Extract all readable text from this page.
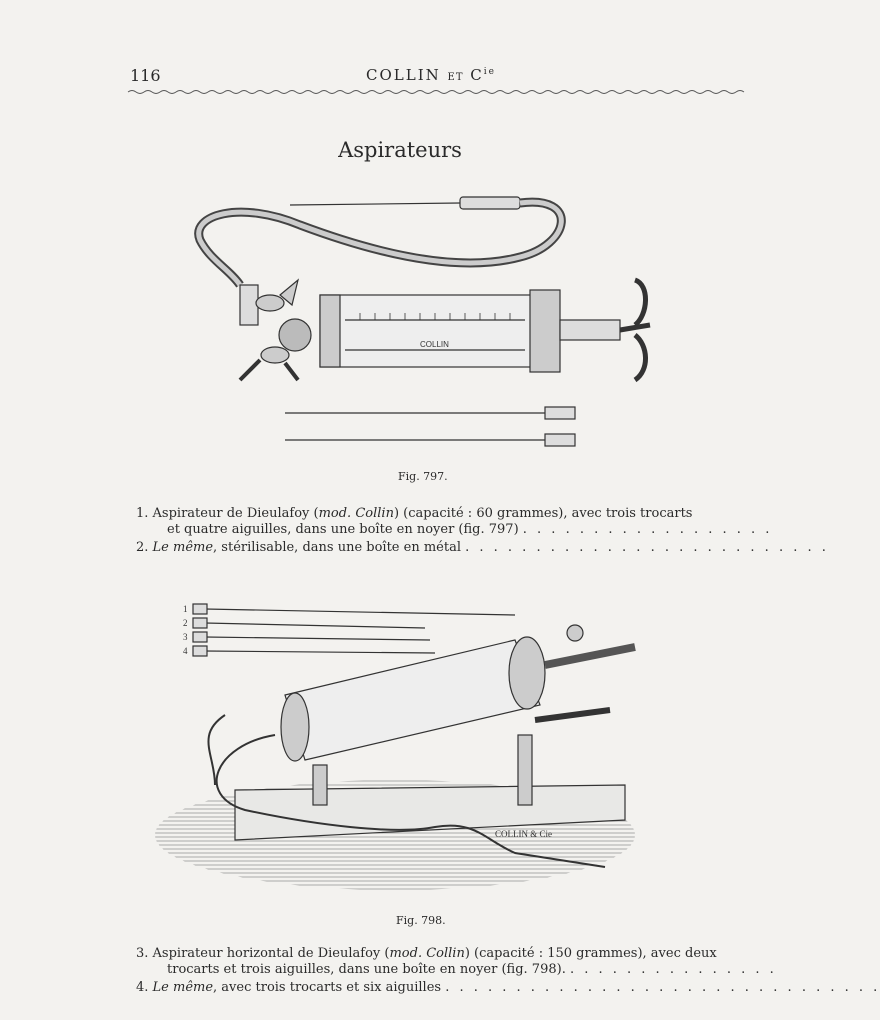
116	COLLIN ET $C^{ie}$
Aspirateurs
COLLIN
Fig. 797.
1. Aspirateur de Dieulafoy (mod. Collin) (capacité : 60 grammes), avec trois trocarts
et quatre aiguilles, dans une boîte en noyer (fig. 797) . . . . . . . . . . . . . . . . . .
2. Le même, stérilisable, dans une boîte en métal . . . . . . . . . . . . . . . . . . . . . . . . . .
1
2
3
4
COLLIN & Cie
Fig. 798.
3. Aspirateur horizontal de Dieulafoy (mod. Collin) (capacité : 150 grammes), avec deux
trocarts et trois aiguilles, dans une boîte en noyer (fig. 798). . . . . . . . . . . . . . . .
4. Le même, avec trois trocarts et six aiguilles . . . . . . . . . . . . . . . . . . . . . . . . . . . . . . .
